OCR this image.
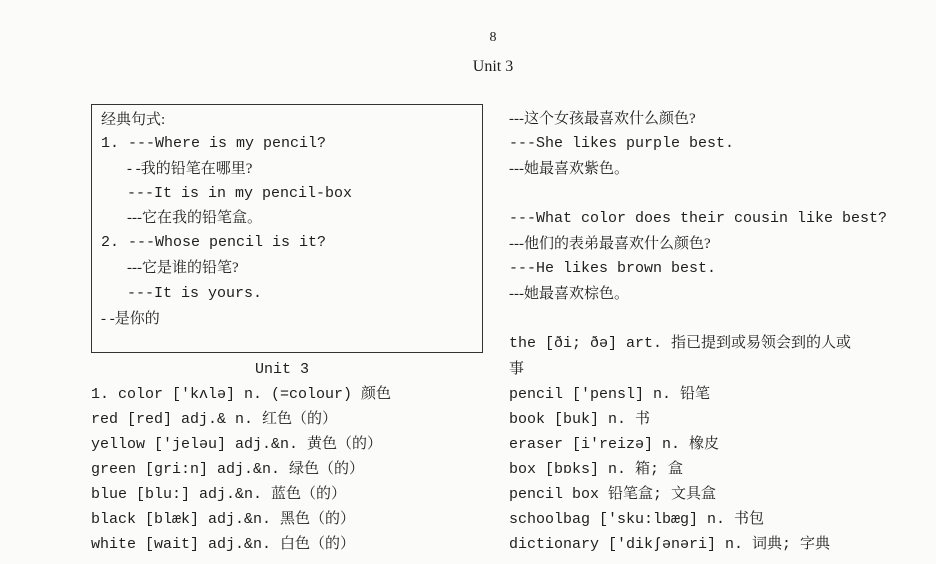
8
Unit 3
经典句式:
1. ---Where is my pencil?
- -我的铅笔在哪里?
---It is in my pencil-box
---它在我的铅笔盒。
2. ---Whose pencil is it?
---它是谁的铅笔?
---It is yours.
- -是你的
Unit 3
1. color ['kʌlə] n. (=colour) 颜色
red [red] adj.& n. 红色（的）
yellow ['jeləu] adj.&n. 黄色（的）
green [gri:n] adj.&n. 绿色（的）
blue [blu:] adj.&n. 蓝色（的）
black [blæk] adj.&n. 黑色（的）
white [wait] adj.&n. 白色（的）
---这个女孩最喜欢什么颜色?
---She likes purple best.
---她最喜欢紫色。
---What color does their cousin like best?
---他们的表弟最喜欢什么颜色?
---He likes brown best.
---她最喜欢棕色。
the [ði; ðə] art. 指已提到或易领会到的人或
事
pencil ['pensl] n. 铅笔
book [buk] n. 书
eraser [i'reizə] n. 橡皮
box [bɒks] n. 箱; 盒
pencil box 铅笔盒; 文具盒
schoolbag ['sku:lbæg] n. 书包
dictionary ['dikʃənəri] n. 词典; 字典
